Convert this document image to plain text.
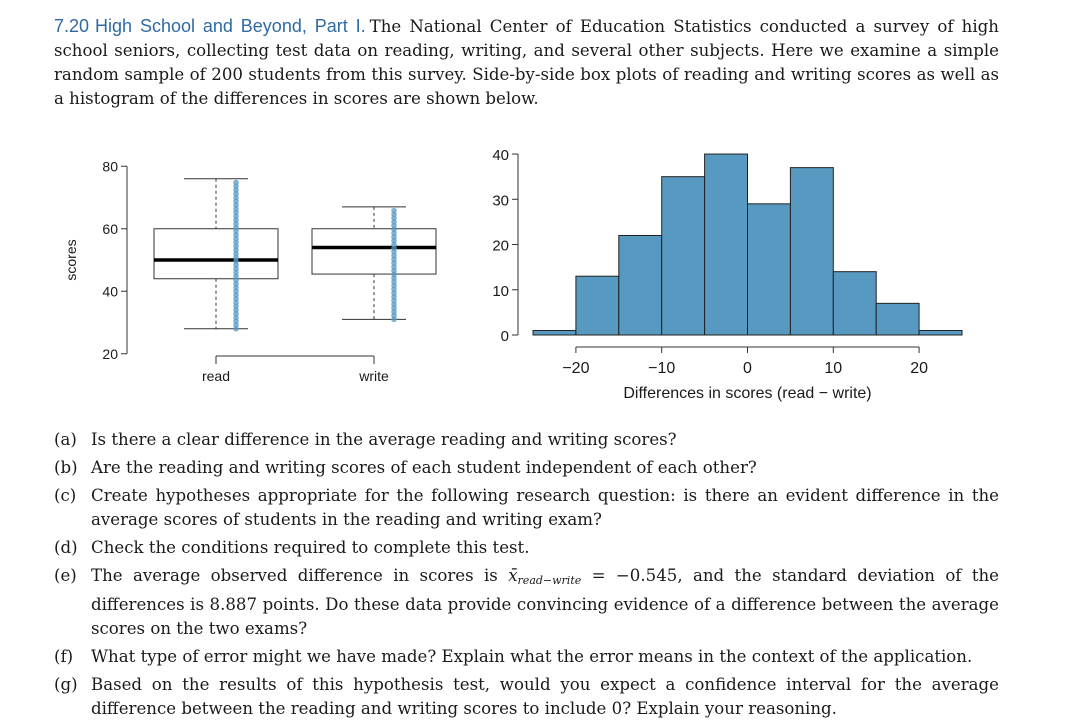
7.20 High School and Beyond, Part I. The National Center of Education Statistics conducted a survey of high school seniors, collecting test data on reading, writing, and several other subjects. Here we examine a simple random sample of 200 students from this survey. Side-by-side box plots of reading and writing scores as well as a histogram of the differences in scores are shown below.
20
40
60
80
scores
read	write
0
10
20
30
40
−20	−10	0	10	20
Differences in scores (read − write)
(a) Is there a clear difference in the average reading and writing scores?
(b) Are the reading and writing scores of each student independent of each other?
(c) Create hypotheses appropriate for the following research question: is there an evident difference in the average scores of students in the reading and writing exam?
(d) Check the conditions required to complete this test.
(e) The average observed difference in scores is $x̄_{read-write} = -0.545$, and the standard deviation of the differences is 8.887 points. Do these data provide convincing evidence of a difference between the average scores on the two exams?
(f)	What type of error might we have made? Explain what the error means in the context of the application.
(g) Based on the results of this hypothesis test, would you expect a confidence interval for the average difference between the reading and writing scores to include 0? Explain your reasoning.
